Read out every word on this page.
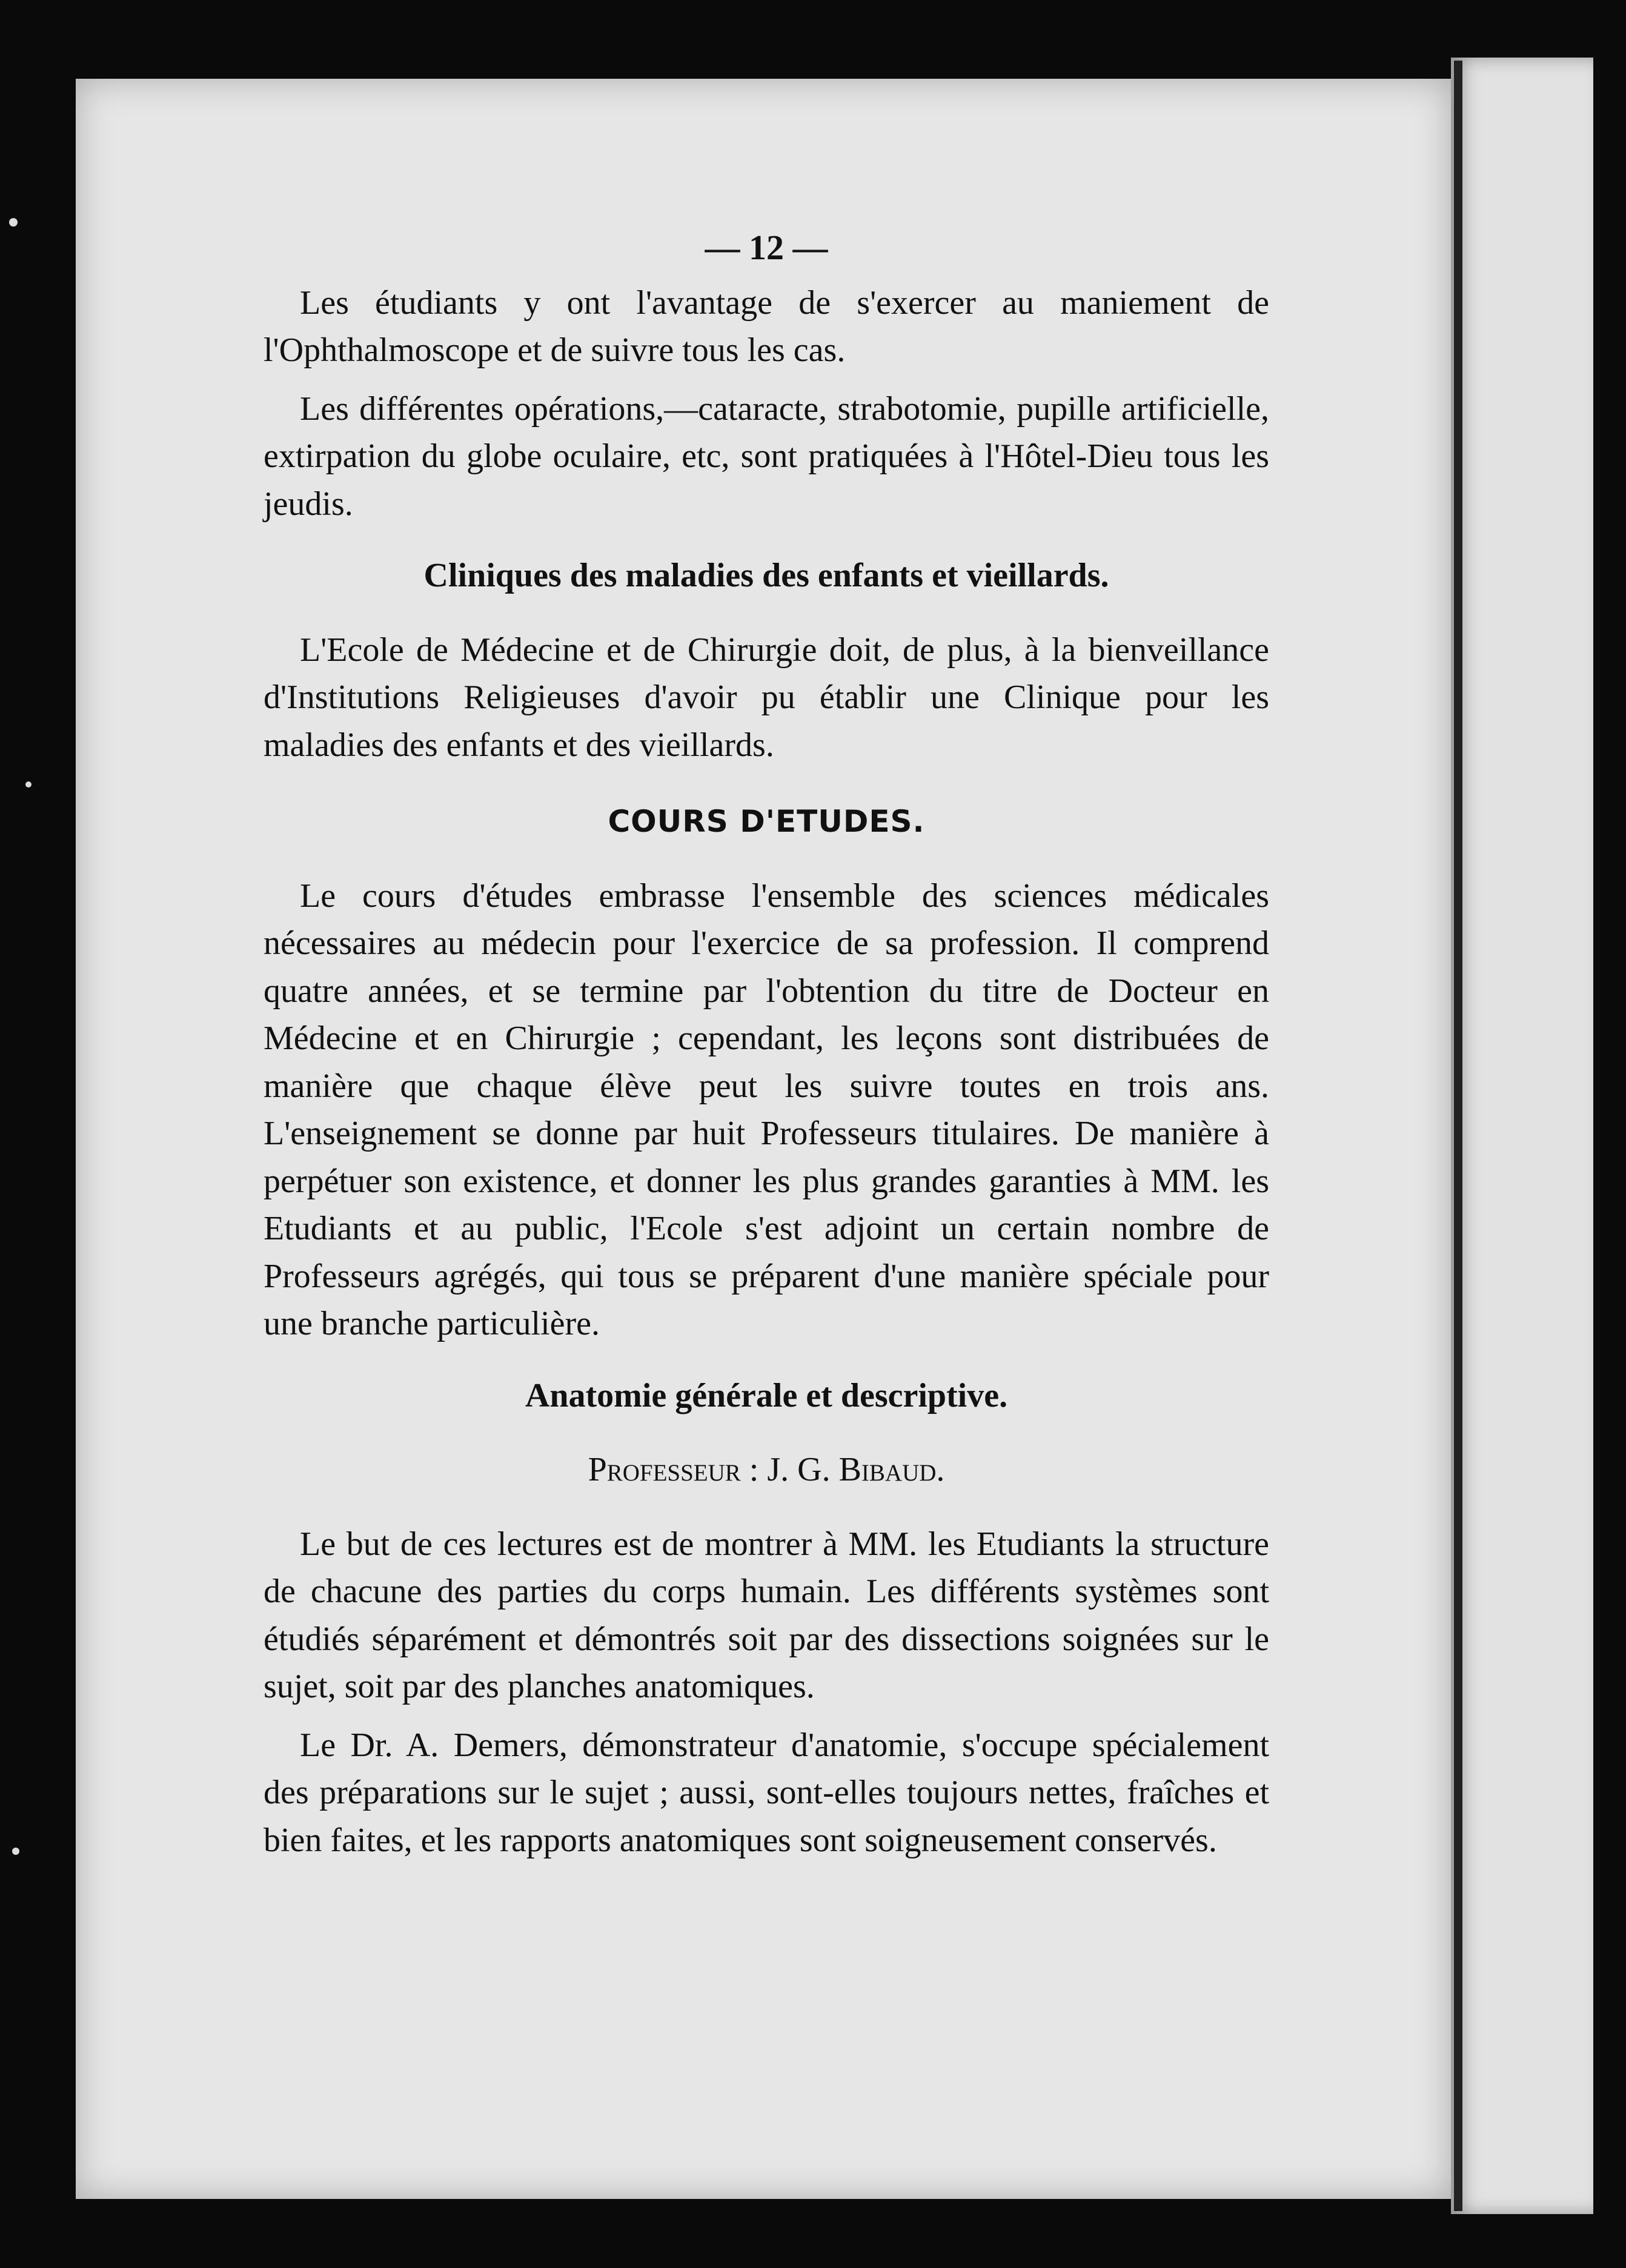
— 12 —

Les étudiants y ont l'avantage de s'exercer au maniement de l'Ophthalmoscope et de suivre tous les cas.

Les différentes opérations,—cataracte, strabotomie, pupille artificielle, extirpation du globe oculaire, etc, sont pratiquées à l'Hôtel-Dieu tous les jeudis.

Cliniques des maladies des enfants et vieillards.

L'Ecole de Médecine et de Chirurgie doit, de plus, à la bienveillance d'Institutions Religieuses d'avoir pu établir une Clinique pour les maladies des enfants et des vieillards.

COURS D'ETUDES.

Le cours d'études embrasse l'ensemble des sciences médicales nécessaires au médecin pour l'exercice de sa profession. Il comprend quatre années, et se termine par l'obtention du titre de Docteur en Médecine et en Chirurgie ; cependant, les leçons sont distribuées de manière que chaque élève peut les suivre toutes en trois ans. L'enseignement se donne par huit Professeurs titulaires. De manière à perpétuer son existence, et donner les plus grandes garanties à MM. les Etudiants et au public, l'Ecole s'est adjoint un certain nombre de Professeurs agrégés, qui tous se préparent d'une manière spéciale pour une branche particulière.

Anatomie générale et descriptive.
Professeur : J. G. Bibaud.

Le but de ces lectures est de montrer à MM. les Etudiants la structure de chacune des parties du corps humain. Les différents systèmes sont étudiés séparément et démontrés soit par des dissections soignées sur le sujet, soit par des planches anatomiques.

Le Dr. A. Demers, démonstrateur d'anatomie, s'occupe spécialement des préparations sur le sujet ; aussi, sont-elles toujours nettes, fraîches et bien faites, et les rapports anatomiques sont soigneusement conservés.
